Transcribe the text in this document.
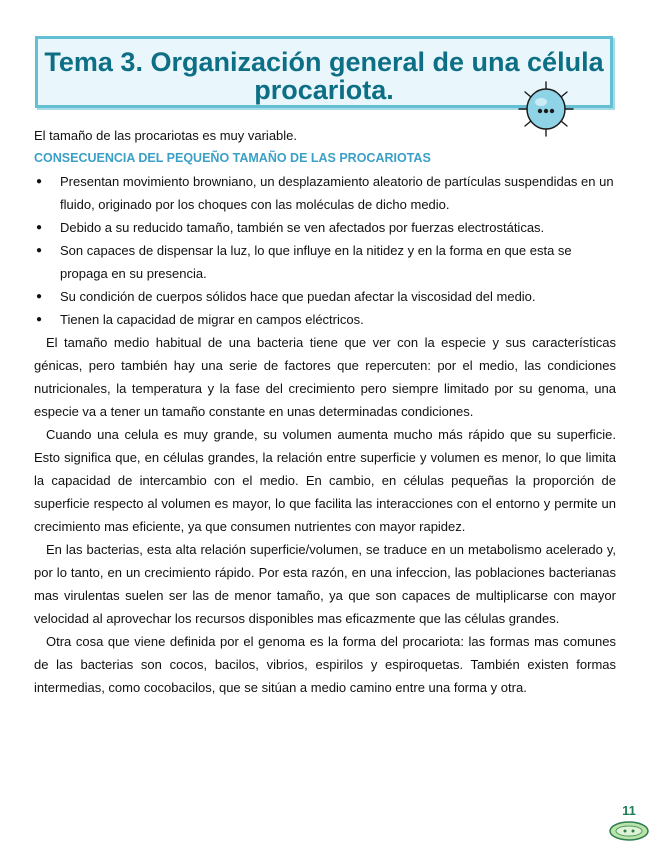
Tema 3. Organización general de una célula procariota.

El tamaño de las procariotas es muy variable.

CONSECUENCIA DEL PEQUEÑO TAMAÑO DE LAS PROCARIOTAS

● Presentan movimiento browniano, un desplazamiento aleatorio de partículas suspendidas en un fluido, originado por los choques con las moléculas de dicho medio.
● Debido a su reducido tamaño, también se ven afectados por fuerzas electrostáticas.
● Son capaces de dispensar la luz, lo que influye en la nitidez y en la forma en que esta se propaga en su presencia.
● Su condición de cuerpos sólidos hace que puedan afectar la viscosidad del medio.
● Tienen la capacidad de migrar en campos eléctricos.

El tamaño medio habitual de una bacteria tiene que ver con la especie y sus características génicas, pero también hay una serie de factores que repercuten: por el medio, las condiciones nutricionales, la temperatura y la fase del crecimiento pero siempre limitado por su genoma, una especie va a tener un tamaño constante en unas determinadas condiciones.

Cuando una celula es muy grande, su volumen aumenta mucho más rápido que su superficie. Esto significa que, en células grandes, la relación entre superficie y volumen es menor, lo que limita la capacidad de intercambio con el medio. En cambio, en células pequeñas la proporción de superficie respecto al volumen es mayor, lo que facilita las interacciones con el entorno y permite un crecimiento mas eficiente, ya que consumen nutrientes con mayor rapidez.

En las bacterias, esta alta relación superficie/volumen, se traduce en un metabolismo acelerado y, por lo tanto, en un crecimiento rápido. Por esta razón, en una infeccion, las poblaciones bacterianas mas virulentas suelen ser las de menor tamaño, ya que son capaces de multiplicarse con mayor velocidad al aprovechar los recursos disponibles mas eficazmente que las células grandes.

Otra cosa que viene definida por el genoma es la forma del procariota: las formas mas comunes de las bacterias son cocos, bacilos, vibrios, espirilos y espiroquetas. También existen formas intermedias, como cocobacilos, que se sitúan a medio camino entre una forma y otra.

11
